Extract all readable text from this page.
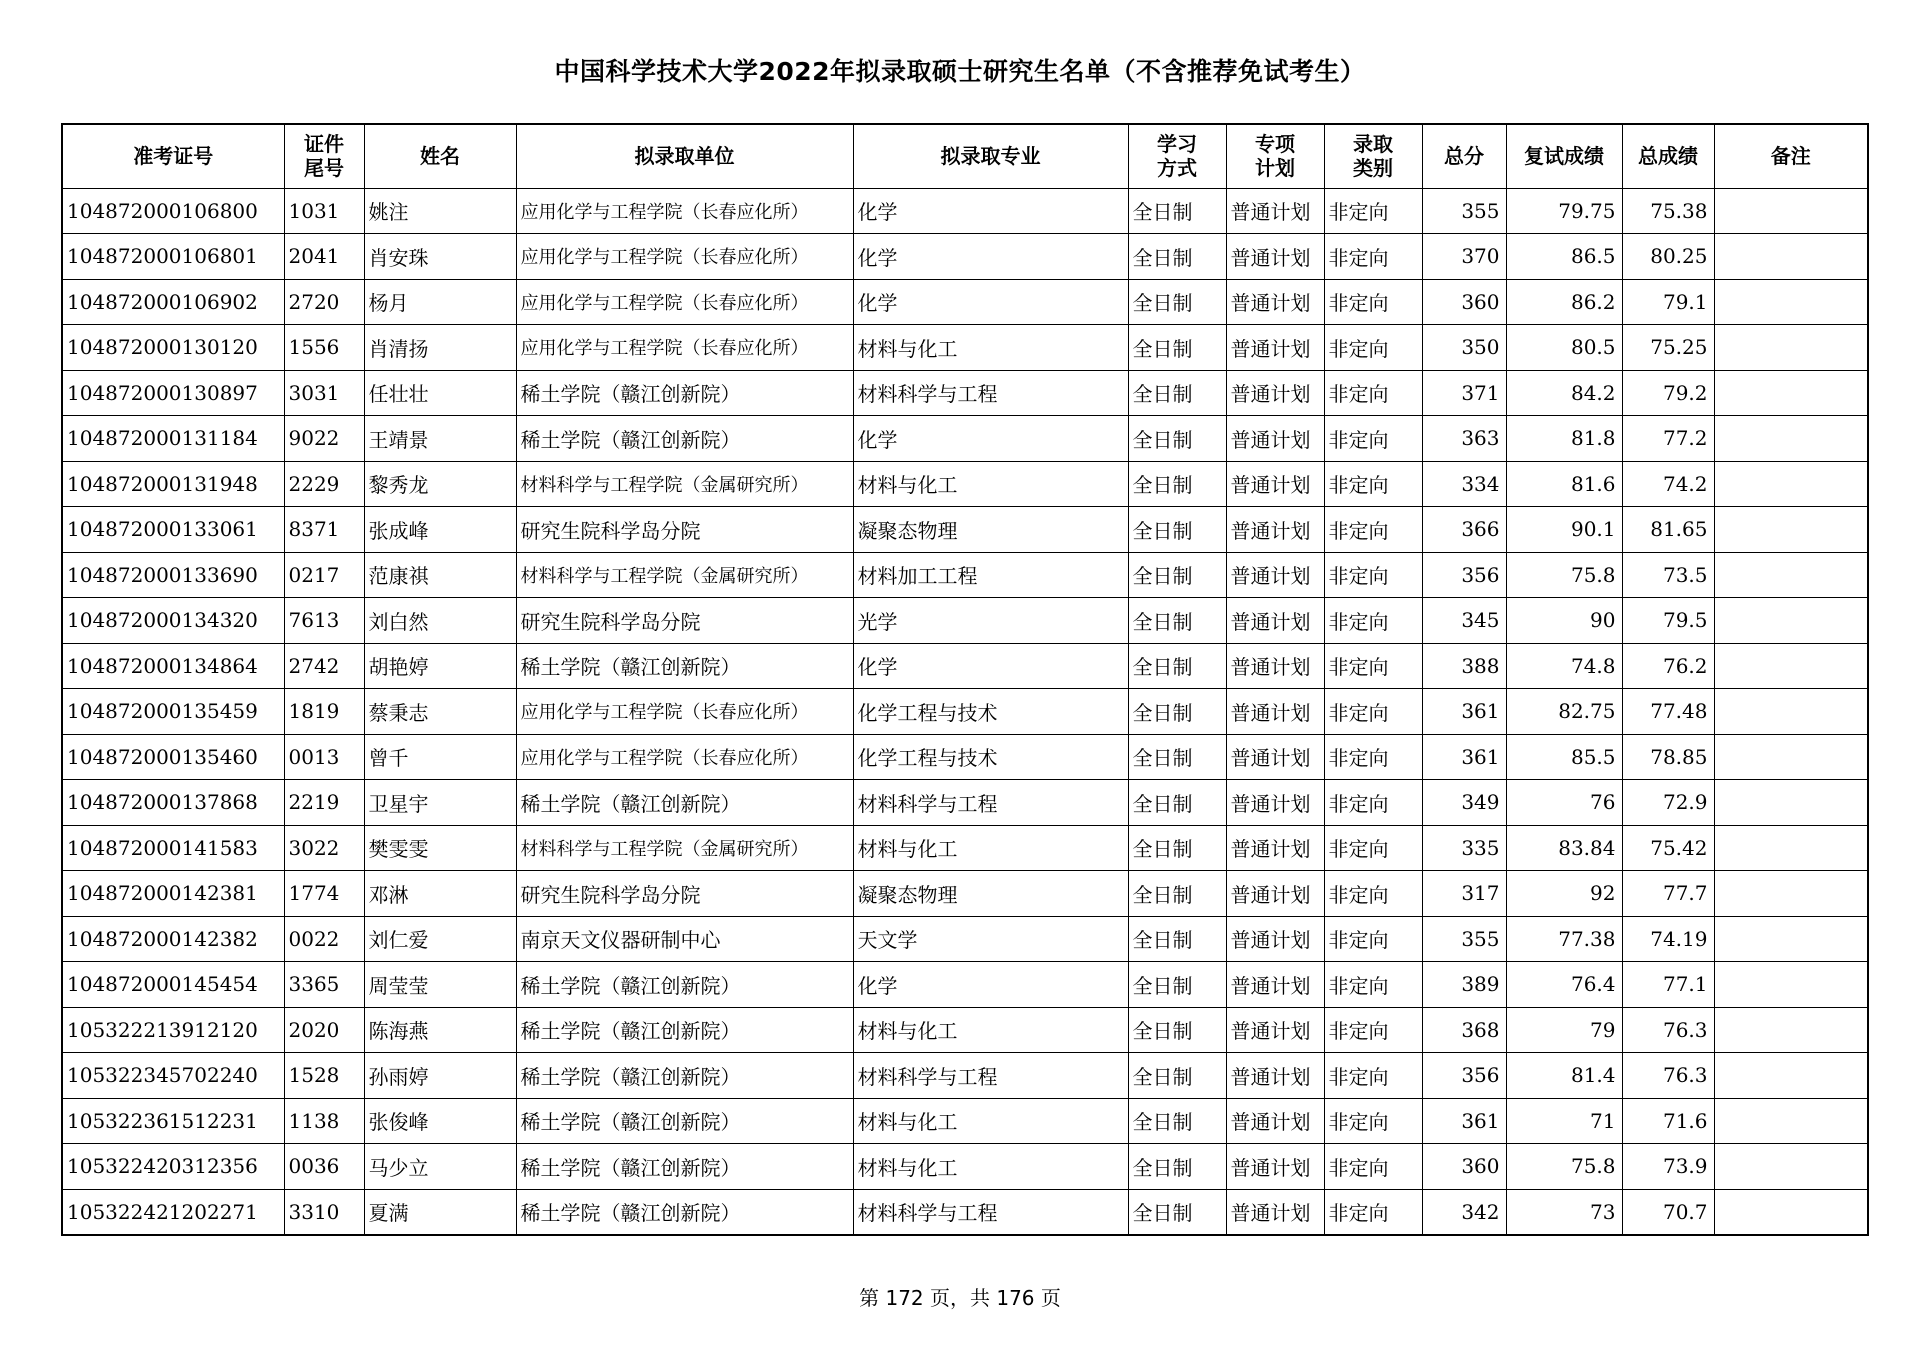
中国科学技术大学2022年拟录取硕士研究生名单（不含推荐免试考生）
准考证号	证件尾号	姓名	拟录取单位	拟录取专业	学习方式	专项计划	录取类别	总分	复试成绩	总成绩	备注
104872000106800	1031	姚注	应用化学与工程学院（长春应化所）	化学	全日制	普通计划	非定向	355	79.75	75.38	
104872000106801	2041	肖安珠	应用化学与工程学院（长春应化所）	化学	全日制	普通计划	非定向	370	86.5	80.25	
104872000106902	2720	杨月	应用化学与工程学院（长春应化所）	化学	全日制	普通计划	非定向	360	86.2	79.1	
104872000130120	1556	肖清扬	应用化学与工程学院（长春应化所）	材料与化工	全日制	普通计划	非定向	350	80.5	75.25	
104872000130897	3031	任壮壮	稀土学院（赣江创新院）	材料科学与工程	全日制	普通计划	非定向	371	84.2	79.2	
104872000131184	9022	王靖景	稀土学院（赣江创新院）	化学	全日制	普通计划	非定向	363	81.8	77.2	
104872000131948	2229	黎秀龙	材料科学与工程学院（金属研究所）	材料与化工	全日制	普通计划	非定向	334	81.6	74.2	
104872000133061	8371	张成峰	研究生院科学岛分院	凝聚态物理	全日制	普通计划	非定向	366	90.1	81.65	
104872000133690	0217	范康祺	材料科学与工程学院（金属研究所）	材料加工工程	全日制	普通计划	非定向	356	75.8	73.5	
104872000134320	7613	刘白然	研究生院科学岛分院	光学	全日制	普通计划	非定向	345	90	79.5	
104872000134864	2742	胡艳婷	稀土学院（赣江创新院）	化学	全日制	普通计划	非定向	388	74.8	76.2	
104872000135459	1819	蔡秉志	应用化学与工程学院（长春应化所）	化学工程与技术	全日制	普通计划	非定向	361	82.75	77.48	
104872000135460	0013	曾千	应用化学与工程学院（长春应化所）	化学工程与技术	全日制	普通计划	非定向	361	85.5	78.85	
104872000137868	2219	卫星宇	稀土学院（赣江创新院）	材料科学与工程	全日制	普通计划	非定向	349	76	72.9	
104872000141583	3022	樊雯雯	材料科学与工程学院（金属研究所）	材料与化工	全日制	普通计划	非定向	335	83.84	75.42	
104872000142381	1774	邓淋	研究生院科学岛分院	凝聚态物理	全日制	普通计划	非定向	317	92	77.7	
104872000142382	0022	刘仁爱	南京天文仪器研制中心	天文学	全日制	普通计划	非定向	355	77.38	74.19	
104872000145454	3365	周莹莹	稀土学院（赣江创新院）	化学	全日制	普通计划	非定向	389	76.4	77.1	
105322213912120	2020	陈海燕	稀土学院（赣江创新院）	材料与化工	全日制	普通计划	非定向	368	79	76.3	
105322345702240	1528	孙雨婷	稀土学院（赣江创新院）	材料科学与工程	全日制	普通计划	非定向	356	81.4	76.3	
105322361512231	1138	张俊峰	稀土学院（赣江创新院）	材料与化工	全日制	普通计划	非定向	361	71	71.6	
105322420312356	0036	马少立	稀土学院（赣江创新院）	材料与化工	全日制	普通计划	非定向	360	75.8	73.9	
105322421202271	3310	夏满	稀土学院（赣江创新院）	材料科学与工程	全日制	普通计划	非定向	342	73	70.7	
第 172 页，共 176 页
